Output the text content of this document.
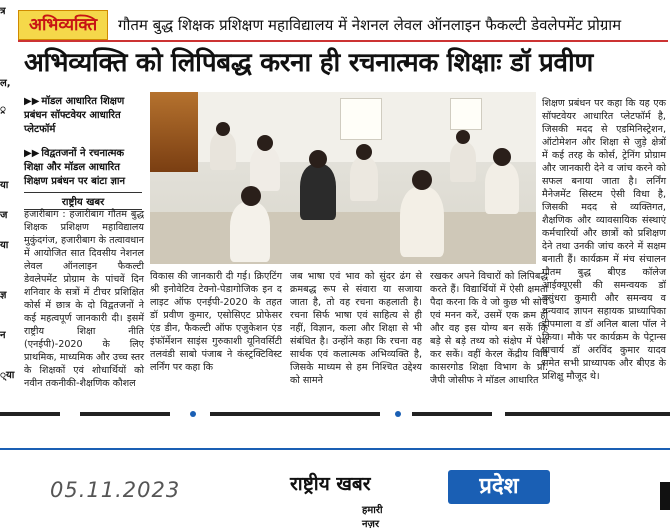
त्र
ल,
्र
या
ज
या
ज्ञ
न
्या
अभिव्यक्ति	गौतम बुद्ध शिक्षक प्रशिक्षण महाविद्यालय में नेशनल लेवल ऑनलाइन फैकल्टी डेवलेपमेंट प्रोग्राम
अभिव्यक्ति को लिपिबद्ध करना ही रचनात्मक शिक्षाः डॉ प्रवीण
▶▶ मॉडल आधारित शिक्षण प्रबंधन सॉफ्टवेयर आधारित प्लेटफॉर्म
▶▶ विद्वतजनों ने रचनात्मक शिक्षा और मॉडल आधारित शिक्षण प्रबंधन पर बांटा ज्ञान
राष्ट्रीय खबर
हजारीबाग : हजारीबाग गौतम बुद्ध शिक्षक प्रशिक्षण महाविद्यालय मुकुंदगंज, हजारीबाग के तत्वावधान में आयोजित सात दिवसीय नेशनल लेवल ऑनलाइन फैकल्टी डेवलेपमेंट प्रोग्राम के पांचवें दिन शनिवार के सत्रों में टीचर प्रशिक्षित कोर्स में छात्र के दो विद्वतजनों ने कई महत्वपूर्ण जानकारी दी। इसमें राष्ट्रीय शिक्षा नीति (एनईपी)-2020 के लिए प्राथमिक, माध्यमिक और उच्च स्तर के शिक्षकों एवं शोधार्थियों को नवीन तकनीकी-शैक्षणिक कौशल
विकास की जानकारी दी गई। क्रिएटिंग श्री इनोवेटिव टेक्नो-पेडागोजिक इन द लाइट ऑफ एनईपी-2020 के तहत डॉ प्रवीण कुमार, एसोसिएट प्रोफेसर एंड डीन, फैकल्टी ऑफ एजुकेशन एंड इंफॉर्मेशन साइंस गुरुकाशी यूनिवर्सिटी तलवंडी साबो पंजाब ने कंस्ट्रक्टिविस्ट लर्निंग पर कहा कि
जब भाषा एवं भाव को सुंदर ढंग से क्रमबद्ध रूप से संवारा या सजाया जाता है, तो वह रचना कहलाती है। रचना सिर्फ भाषा एवं साहित्य से ही नहीं, विज्ञान, कला और शिक्षा से भी संबंधित है। उन्होंने कहा कि रचना वह सार्थक एवं कलात्मक अभिव्यक्ति है, जिसके माध्यम से हम निश्चित उद्देश्य को सामने
रखकर अपने विचारों को लिपिबद्ध करते हैं। विद्यार्थियों में ऐसी क्षमता पैदा करना कि वे जो कुछ भी सोचें एवं मनन करें, उसमें एक क्रम हो और वह इस योग्य बन सकें कि बड़े से बड़े तथ्य को संक्षेप में पेश कर सकें। वहीं केरल केंद्रीय विवि कासरगोड शिक्षा विभाग के प्रो. जैपी जोसीफ ने मॉडल आधारित
शिक्षण प्रबंधन पर कहा कि यह एक सॉफ्टवेयर आधारित प्लेटफॉर्म है, जिसकी मदद से एडमिनिस्ट्रेशन, ऑटोमेशन और शिक्षा से जुड़े क्षेत्रों में कई तरह के कोर्स, ट्रेनिंग प्रोग्राम और जानकारी देने व जांच करने को सफल बनाया जाता है। लर्निंग मैनेजमेंट सिस्टम ऐसी विधा है, जिसकी मदद से व्यक्तिगत, शैक्षणिक और व्यावसायिक संस्थाएं कर्मचारियों और छात्रों को प्रशिक्षण देने तथा उनकी जांच करने में सक्षम बनाती हैं। कार्यक्रम में मंच संचालन गौतम बुद्ध बीएड कॉलेज आईक्यूएसी की समन्वयक डॉ बसुंधरा कुमारी और समन्वय व धन्यवाद ज्ञापन सहायक प्राध्यापिका दीपमाला व डॉ अनिल बाला पॉल ने किया। मौके पर कार्यक्रम के पेट्रान्स प्राचार्य डॉ अरविंद कुमार यादव समेत सभी प्राध्यापक और बीएड के प्रशिक्षु मौजूद थे।
05.11.2023	राष्ट्रीय खबर
हमारी नज़र
प्रदेश
